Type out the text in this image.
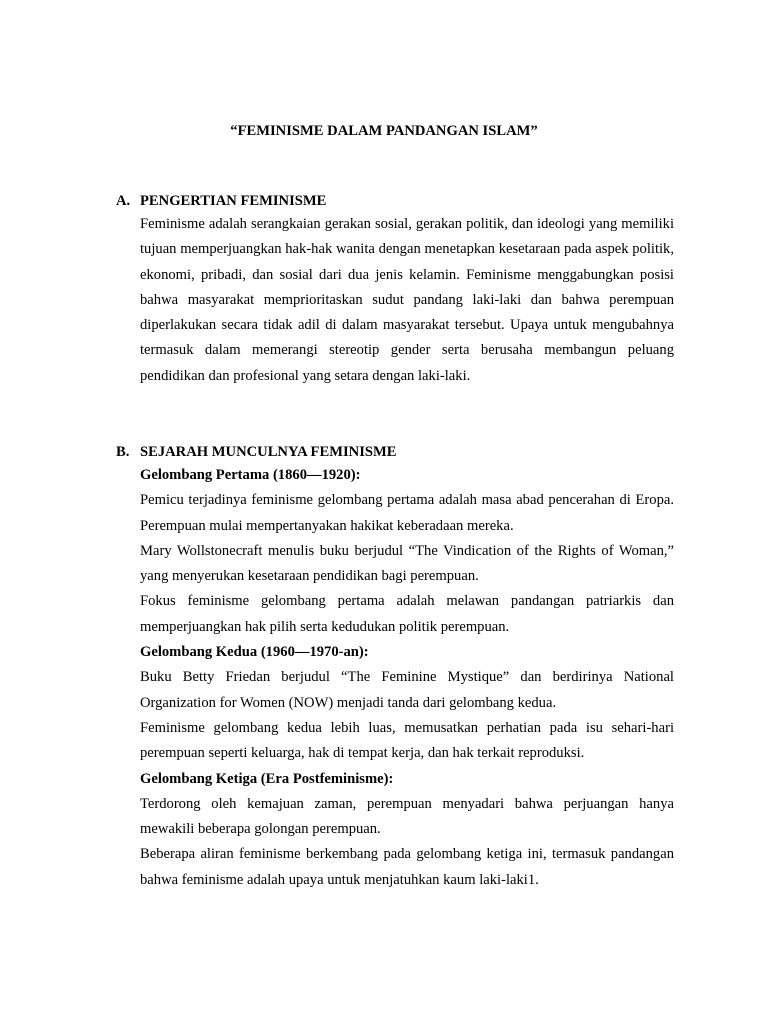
“FEMINISME DALAM PANDANGAN ISLAM”
A. PENGERTIAN FEMINISME

Feminisme adalah serangkaian gerakan sosial, gerakan politik, dan ideologi yang memiliki tujuan memperjuangkan hak-hak wanita dengan menetapkan kesetaraan pada aspek politik, ekonomi, pribadi, dan sosial dari dua jenis kelamin. Feminisme menggabungkan posisi bahwa masyarakat memprioritaskan sudut pandang laki-laki dan bahwa perempuan diperlakukan secara tidak adil di dalam masyarakat tersebut. Upaya untuk mengubahnya termasuk dalam memerangi stereotip gender serta berusaha membangun peluang pendidikan dan profesional yang setara dengan laki-laki.

B. SEJARAH MUNCULNYA FEMINISME

Gelombang Pertama (1860—1920):

Pemicu terjadinya feminisme gelombang pertama adalah masa abad pencerahan di Eropa. Perempuan mulai mempertanyakan hakikat keberadaan mereka.

Mary Wollstonecraft menulis buku berjudul “The Vindication of the Rights of Woman,” yang menyerukan kesetaraan pendidikan bagi perempuan.

Fokus feminisme gelombang pertama adalah melawan pandangan patriarkis dan memperjuangkan hak pilih serta kedudukan politik perempuan.

Gelombang Kedua (1960—1970-an):

Buku Betty Friedan berjudul “The Feminine Mystique” dan berdirinya National Organization for Women (NOW) menjadi tanda dari gelombang kedua.

Feminisme gelombang kedua lebih luas, memusatkan perhatian pada isu sehari-hari perempuan seperti keluarga, hak di tempat kerja, dan hak terkait reproduksi.

Gelombang Ketiga (Era Postfeminisme):

Terdorong oleh kemajuan zaman, perempuan menyadari bahwa perjuangan hanya mewakili beberapa golongan perempuan.

Beberapa aliran feminisme berkembang pada gelombang ketiga ini, termasuk pandangan bahwa feminisme adalah upaya untuk menjatuhkan kaum laki-laki1.
